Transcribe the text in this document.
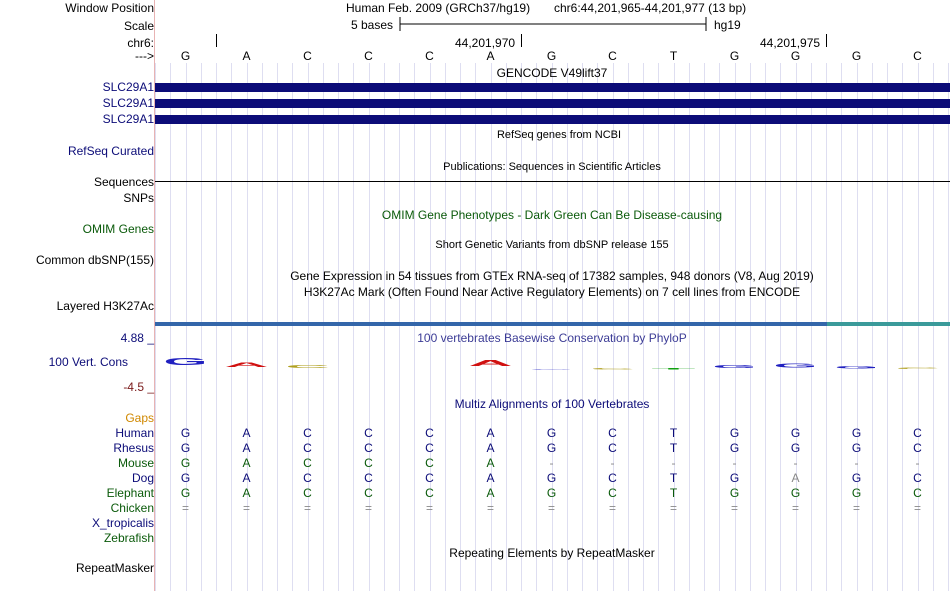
Window Position	Human Feb. 2009 (GRCh37/hg19) chr6:44,201,965-44,201,977 (13 bp)
Scale	5 bases	hg19
chr6:	44,201,970	44,201,975
--->	G	A	C	C	C	A	G	C	T	G	G	G	C
GENCODE V49lift37
SLC29A1
SLC29A1
SLC29A1
RefSeq genes from NCBI
RefSeq Curated
Publications: Sequences in Scientific Articles
Sequences
SNPs
OMIM Gene Phenotypes - Dark Green Can Be Disease-causing
OMIM Genes
Short Genetic Variants from dbSNP release 155
Common dbSNP(155)
Gene Expression in 54 tissues from GTEx RNA-seq of 17382 samples, 948 donors (V8, Aug 2019)
H3K27Ac Mark (Often Found Near Active Regulatory Elements) on 7 cell lines from ENCODE
Layered H3K27Ac
4.88 _	100 vertebrates Basewise Conservation by PhyloP
100 Vert. Cons G A C	A
G C T G G G C
-4.5 _
Multiz Alignments of 100 Vertebrates
Gaps
Human	G	A	C	C	C	A	G	C	T	G	G	G	C
Rhesus	G	A	C	C	C	A	G	C	T	G	G	G	C
Mouse	G	A	C	C	C	A	-	-	-	-	-	-	-
Dog	G	A	C	C	C	A	G	C	T	G	A	G	C
Elephant	G	A	C	C	C	A	G	C	T	G	G	G	C
Chicken	=	=	=	=	=	=	=	=	=	=	=	=	=
X_tropicalis
Zebrafish
Repeating Elements by RepeatMasker
RepeatMasker
